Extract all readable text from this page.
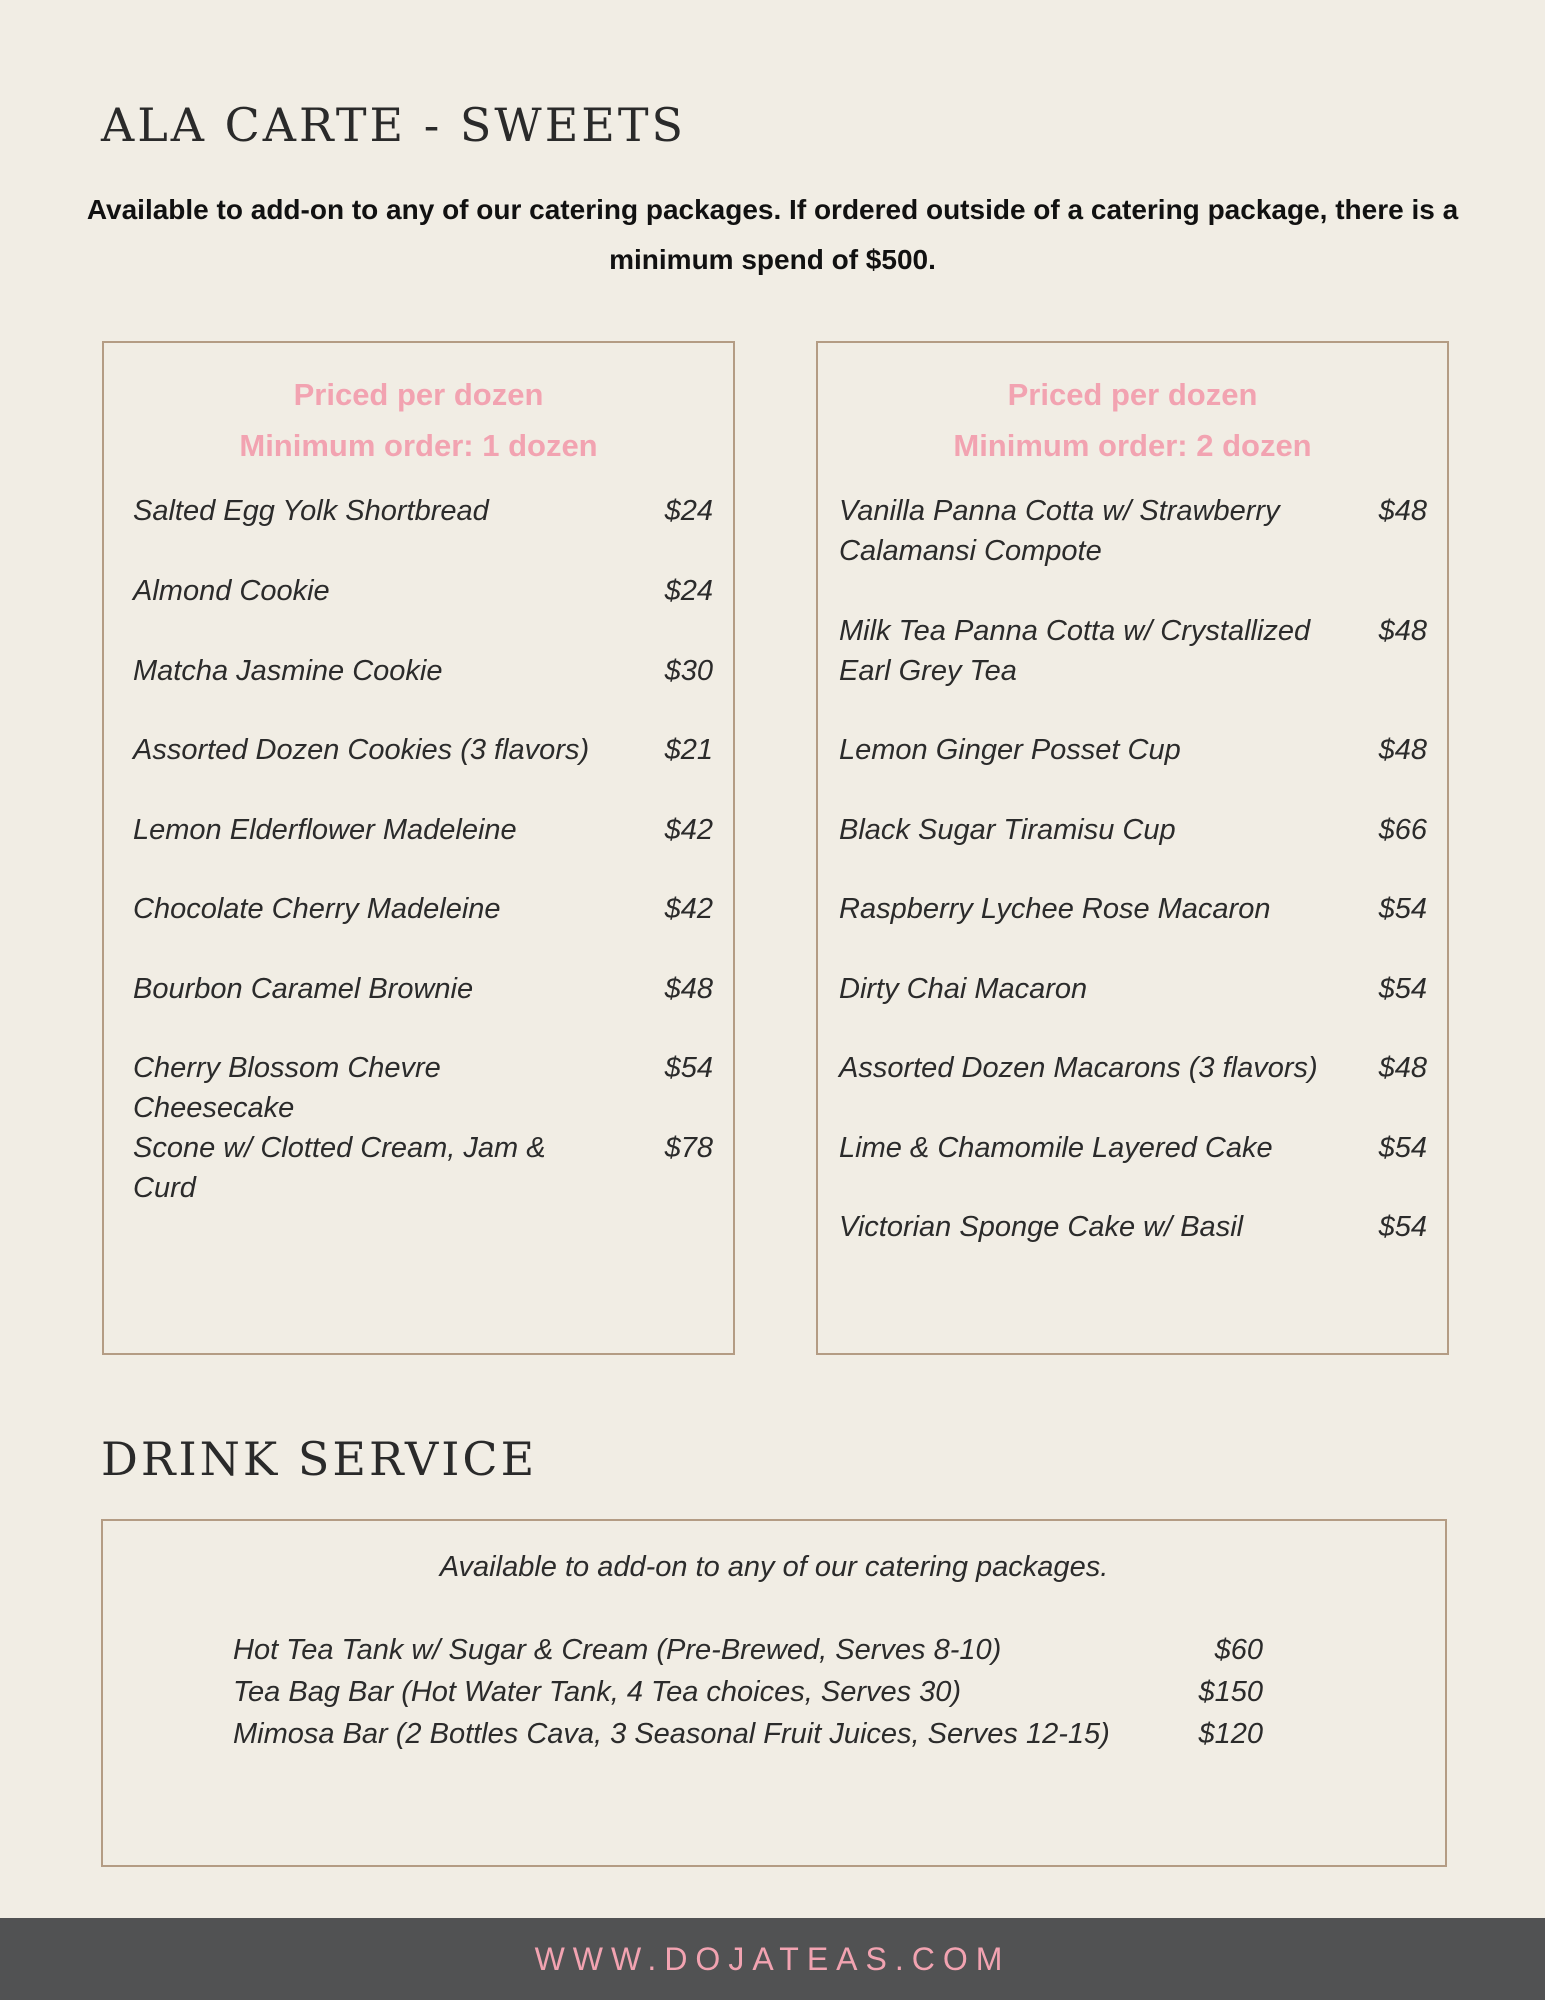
ALA CARTE - SWEETS

Available to add-on to any of our catering packages. If ordered outside of a catering package, there is a minimum spend of $500.

Priced per dozen
Minimum order: 1 dozen
Salted Egg Yolk Shortbread	$24
Almond Cookie	$24
Matcha Jasmine Cookie	$30
Assorted Dozen Cookies (3 flavors)	$21
Lemon Elderflower Madeleine	$42
Chocolate Cherry Madeleine	$42
Bourbon Caramel Brownie	$48
Cherry Blossom Chevre Cheesecake
$54
Scone w/ Clotted Cream, Jam & Curd
$78
Priced per dozen
Minimum order: 2 dozen
Vanilla Panna Cotta w/ Strawberry Calamansi Compote
$48
Milk Tea Panna Cotta w/ Crystallized Earl Grey Tea
$48
Lemon Ginger Posset Cup	$48
Black Sugar Tiramisu Cup	$66
Raspberry Lychee Rose Macaron	$54
Dirty Chai Macaron	$54
Assorted Dozen Macarons (3 flavors)	$48
Lime & Chamomile Layered Cake	$54
Victorian Sponge Cake w/ Basil	$54
DRINK SERVICE
Available to add-on to any of our catering packages.
Hot Tea Tank w/ Sugar & Cream (Pre-Brewed, Serves 8-10)	$60
Tea Bag Bar (Hot Water Tank, 4 Tea choices, Serves 30)	$150
Mimosa Bar (2 Bottles Cava, 3 Seasonal Fruit Juices, Serves 12-15)	$120
WWW.DOJATEAS.COM
